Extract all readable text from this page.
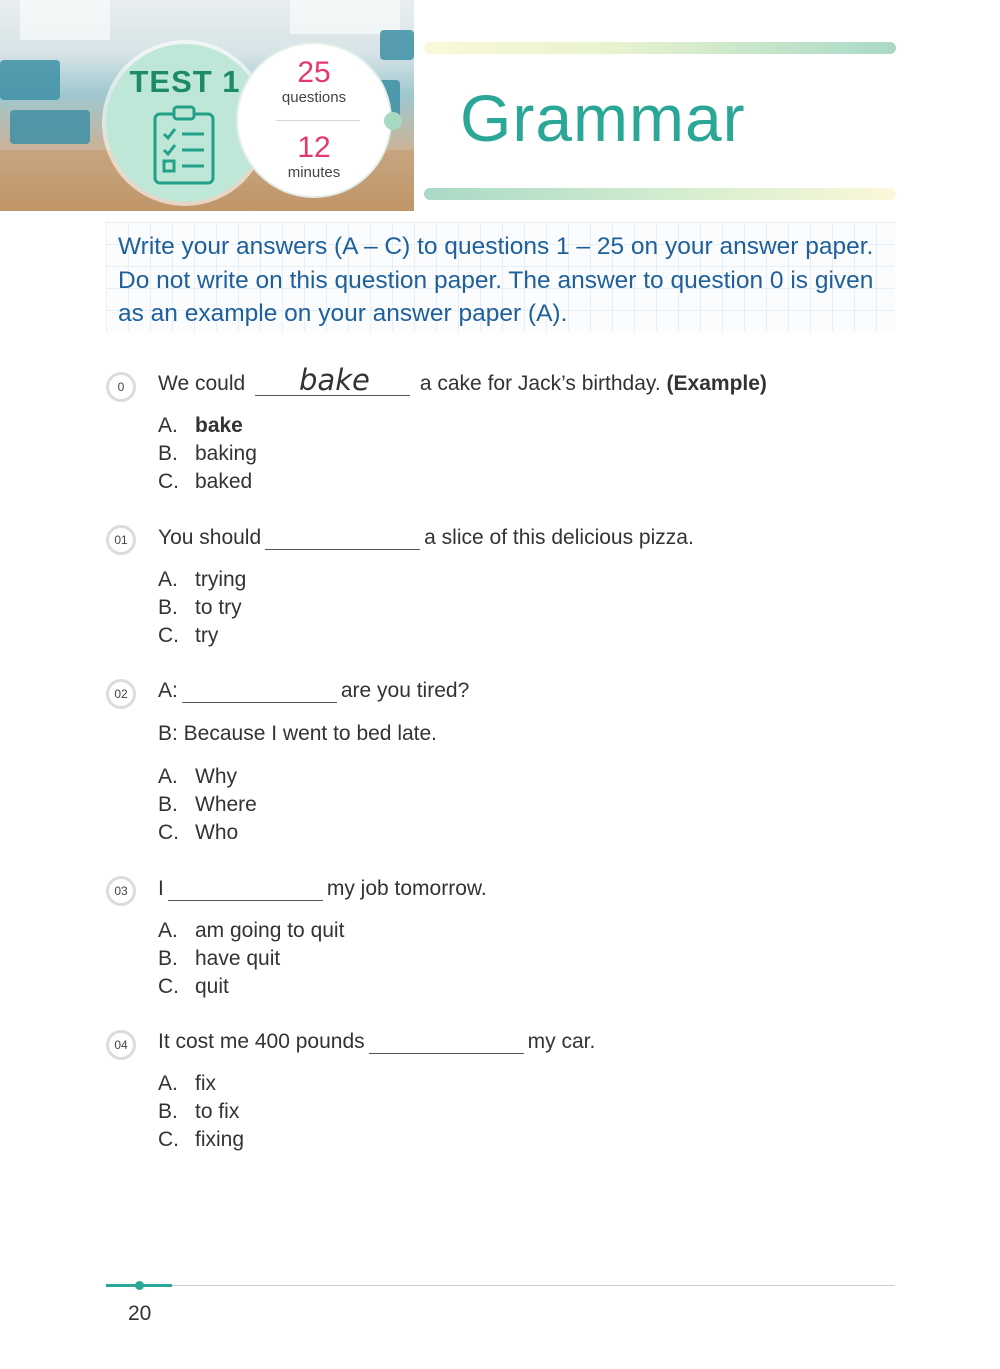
TEST 1	25
questions
12
minutes
Grammar
Write your answers (A – C) to questions 1 – 25 on your answer paper. Do not write on this question paper. The answer to question 0 is given as an example on your answer paper (A).
0	We could bake a cake for Jack’s birthday. (Example)
A. bake
B. baking
C. baked
01	You should	a slice of this delicious pizza.
A. trying
B. to try
C. try
02	A:	are you tired?
B: Because I went to bed late.
A. Why
B. Where
C. Who
03	I	my job tomorrow.
A. am going to quit
B. have quit
C. quit
04	It cost me 400 pounds	my car.
A. fix
B. to fix
C. fixing
20
